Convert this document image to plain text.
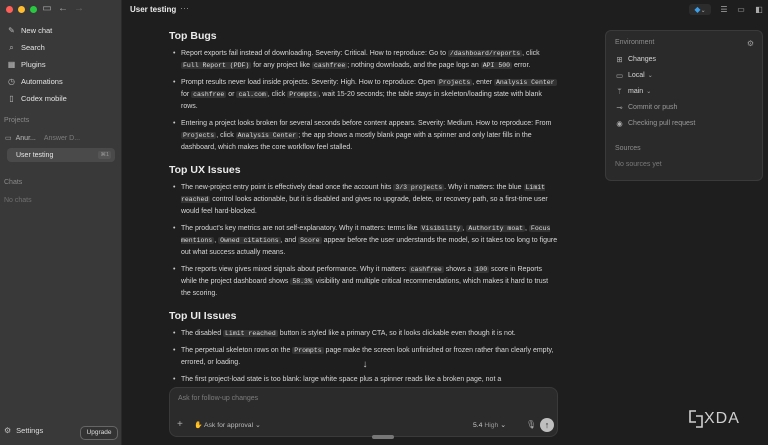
▭ ← →
✎ New chat
⌕ Search
▦ Plugins
◷ Automations
▯ Codex mobile
Projects
▭ Anur... Answer D...
User testing	⌘1
Chats
No chats
⚙ Settings	Upgrade
User testing ···	◆⌄	☰ ▭ ◧
Top Bugs
• Report exports fail instead of downloading. Severity: Critical. How to reproduce: Go to /dashboard/reports , click Full Report (PDF) for any project like cashfree ; nothing downloads, and the page logs an API 500 error.
• Prompt results never load inside projects. Severity: High. How to reproduce: Open Projects , enter Analysis Center for cashfree or cal.com , click Prompts , wait 15-20 seconds; the table stays in skeleton/loading state with blank rows.
• Entering a project looks broken for several seconds before content appears. Severity: Medium. How to reproduce: From Projects , click Analysis Center ; the app shows a mostly blank page with a spinner and only later fills in the dashboard, which makes the core workflow feel stalled.
Top UX Issues
• The new-project entry point is effectively dead once the account hits 3/3 projects . Why it matters: the blue Limit reached control looks actionable, but it is disabled and gives no upgrade, delete, or recovery path, so a first-time user would feel hard-blocked.
• The product's key metrics are not self-explanatory. Why it matters: terms like Visibility , Authority moat , Focus mentions , Owned citations , and Score appear before the user understands the model, so it takes too long to figure out what success actually means.
• The reports view gives mixed signals about performance. Why it matters: cashfree shows a 100 score in Reports while the project dashboard shows 58.3% visibility and multiple critical recommendations, which makes it hard to trust the scoring.
Top UI Issues
• The disabled Limit reached button is styled like a primary CTA, so it looks clickable even though it is not.
• The perpetual skeleton rows on the Prompts page make the screen look unfinished or frozen rather than clearly empty, errored, or loading.
• The first project-load state is too blank: large white space plus a spinner reads like a broken page, not a
Environment	⚙
⊞ Changes
▭ Local ⌄
ᛘ main ⌄
⊸ Commit or push
◉ Checking pull request
Sources
No sources yet
↓
Ask for follow-up changes
+ ✋ Ask for approval ⌄	5.4 High ⌄	🎙 ↑	XDA
